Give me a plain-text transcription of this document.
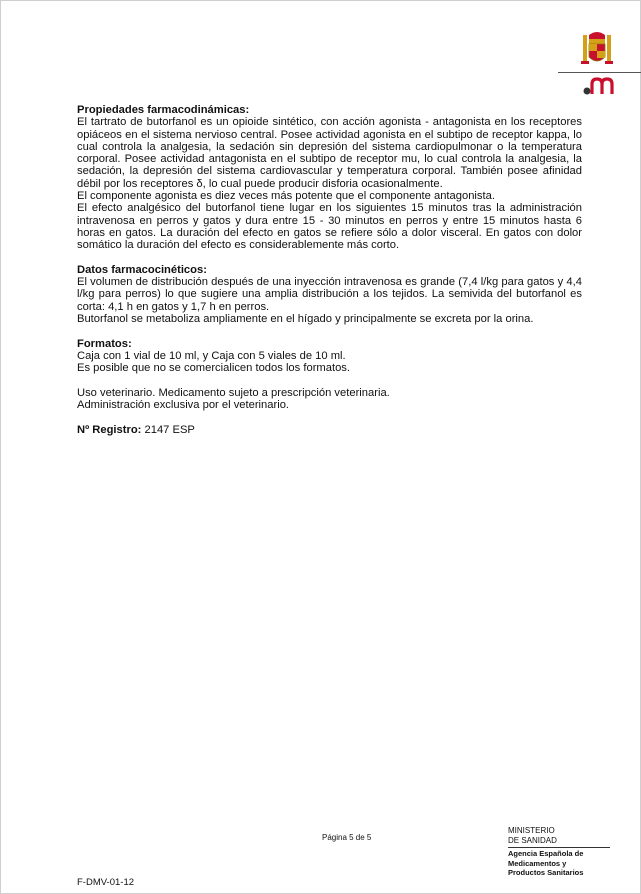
Propiedades farmacodinámicas:

El tartrato de butorfanol es un opioide sintético, con acción agonista - antagonista en los receptores opiáceos en el sistema nervioso central. Posee actividad agonista en el subtipo de receptor kappa, lo cual controla la analgesia, la sedación sin depresión del sistema cardiopulmonar o la temperatura corporal. Posee actividad antagonista en el subtipo de receptor mu, lo cual controla la analgesia, la sedación, la depresión del sistema cardiovascular y temperatura corporal. También posee afinidad débil por los receptores δ, lo cual puede producir disforia ocasionalmente.

El componente agonista es diez veces más potente que el componente antagonista.

El efecto analgésico del butorfanol tiene lugar en los siguientes 15 minutos tras la administración intravenosa en perros y gatos y dura entre 15 - 30 minutos en perros y entre 15 minutos hasta 6 horas en gatos. La duración del efecto en gatos se refiere sólo a dolor visceral. En gatos con dolor somático la duración del efecto es considerablemente más corto.

Datos farmacocinéticos:

El volumen de distribución después de una inyección intravenosa es grande (7,4 l/kg para gatos y 4,4 l/kg para perros) lo que sugiere una amplia distribución a los tejidos. La semivida del butorfanol es corta: 4,1 h en gatos y 1,7 h en perros.

Butorfanol se metaboliza ampliamente en el hígado y principalmente se excreta por la orina.

Formatos:

Caja con 1 vial de 10 ml, y Caja con 5 viales de 10 ml.

Es posible que no se comercialicen todos los formatos.

Uso veterinario. Medicamento sujeto a prescripción veterinaria.

Administración exclusiva por el veterinario.

Nº Registro: 2147 ESP

Página 5 de 5
MINISTERIO
DE SANIDAD
Agencia Española de
Medicamentos y
Productos Sanitarios
F-DMV-01-12
